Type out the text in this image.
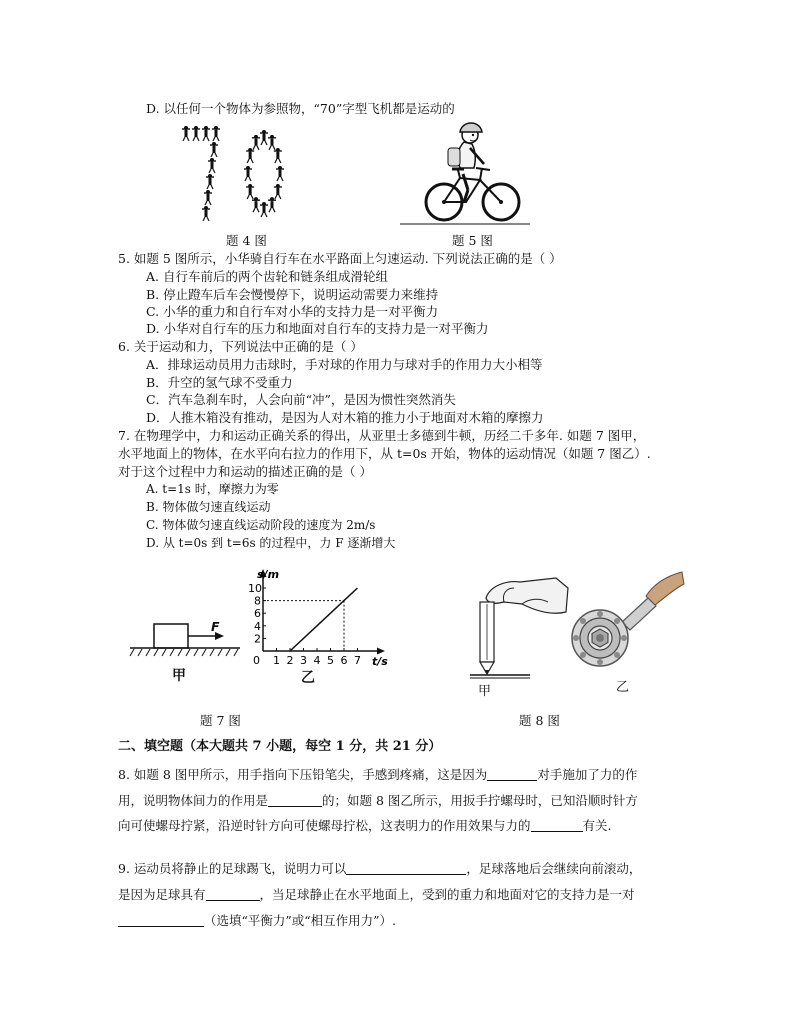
D. 以任何一个物体为参照物，“70”字型飞机都是运动的
题 4 图	题 5 图
5. 如题 5 图所示，小华骑自行车在水平路面上匀速运动. 下列说法正确的是（ ）
A. 自行车前后的两个齿轮和链条组成滑轮组
B. 停止蹬车后车会慢慢停下，说明运动需要力来维持
C. 小华的重力和自行车对小华的支持力是一对平衡力
D. 小华对自行车的压力和地面对自行车的支持力是一对平衡力
6. 关于运动和力，下列说法中正确的是（ ）
A．排球运动员用力击球时，手对球的作用力与球对手的作用力大小相等
B．升空的氢气球不受重力
C．汽车急刹车时，人会向前“冲”，是因为惯性突然消失
D．人推木箱没有推动，是因为人对木箱的推力小于地面对木箱的摩擦力
7. 在物理学中，力和运动正确关系的得出，从亚里士多德到牛顿，历经二千多年. 如题 7 图甲，
水平地面上的物体，在水平向右拉力的作用下，从 t=0s 开始，物体的运动情况（如题 7 图乙）.
对于这个过程中力和运动的描述正确的是（ ）
A. t=1s 时，摩擦力为零
B. 物体做匀速直线运动
C. 物体做匀速直线运动阶段的速度为 2m/s
D. 从 t=0s 到 t=6s 的过程中，力 F 逐渐增大
F
甲
0 1 2 3 4 5 6 7
2
4
6
8
10
s/m
t/s
乙
题 7 图
甲	乙
题 8 图
二、填空题（本大题共 7 小题，每空 1 分，共 21 分）
8. 如题 8 图甲所示，用手指向下压铅笔尖，手感到疼痛，这是因为	对手施加了力的作
用，说明物体间力的作用是	的；如题 8 图乙所示，用扳手拧螺母时，已知沿顺时针方
向可使螺母拧紧，沿逆时针方向可使螺母拧松，这表明力的作用效果与力的	有关.
9. 运动员将静止的足球踢飞，说明力可以	，足球落地后会继续向前滚动，
是因为足球具有	，当足球静止在水平地面上，受到的重力和地面对它的支持力是一对
（选填“平衡力”或“相互作用力”）.
